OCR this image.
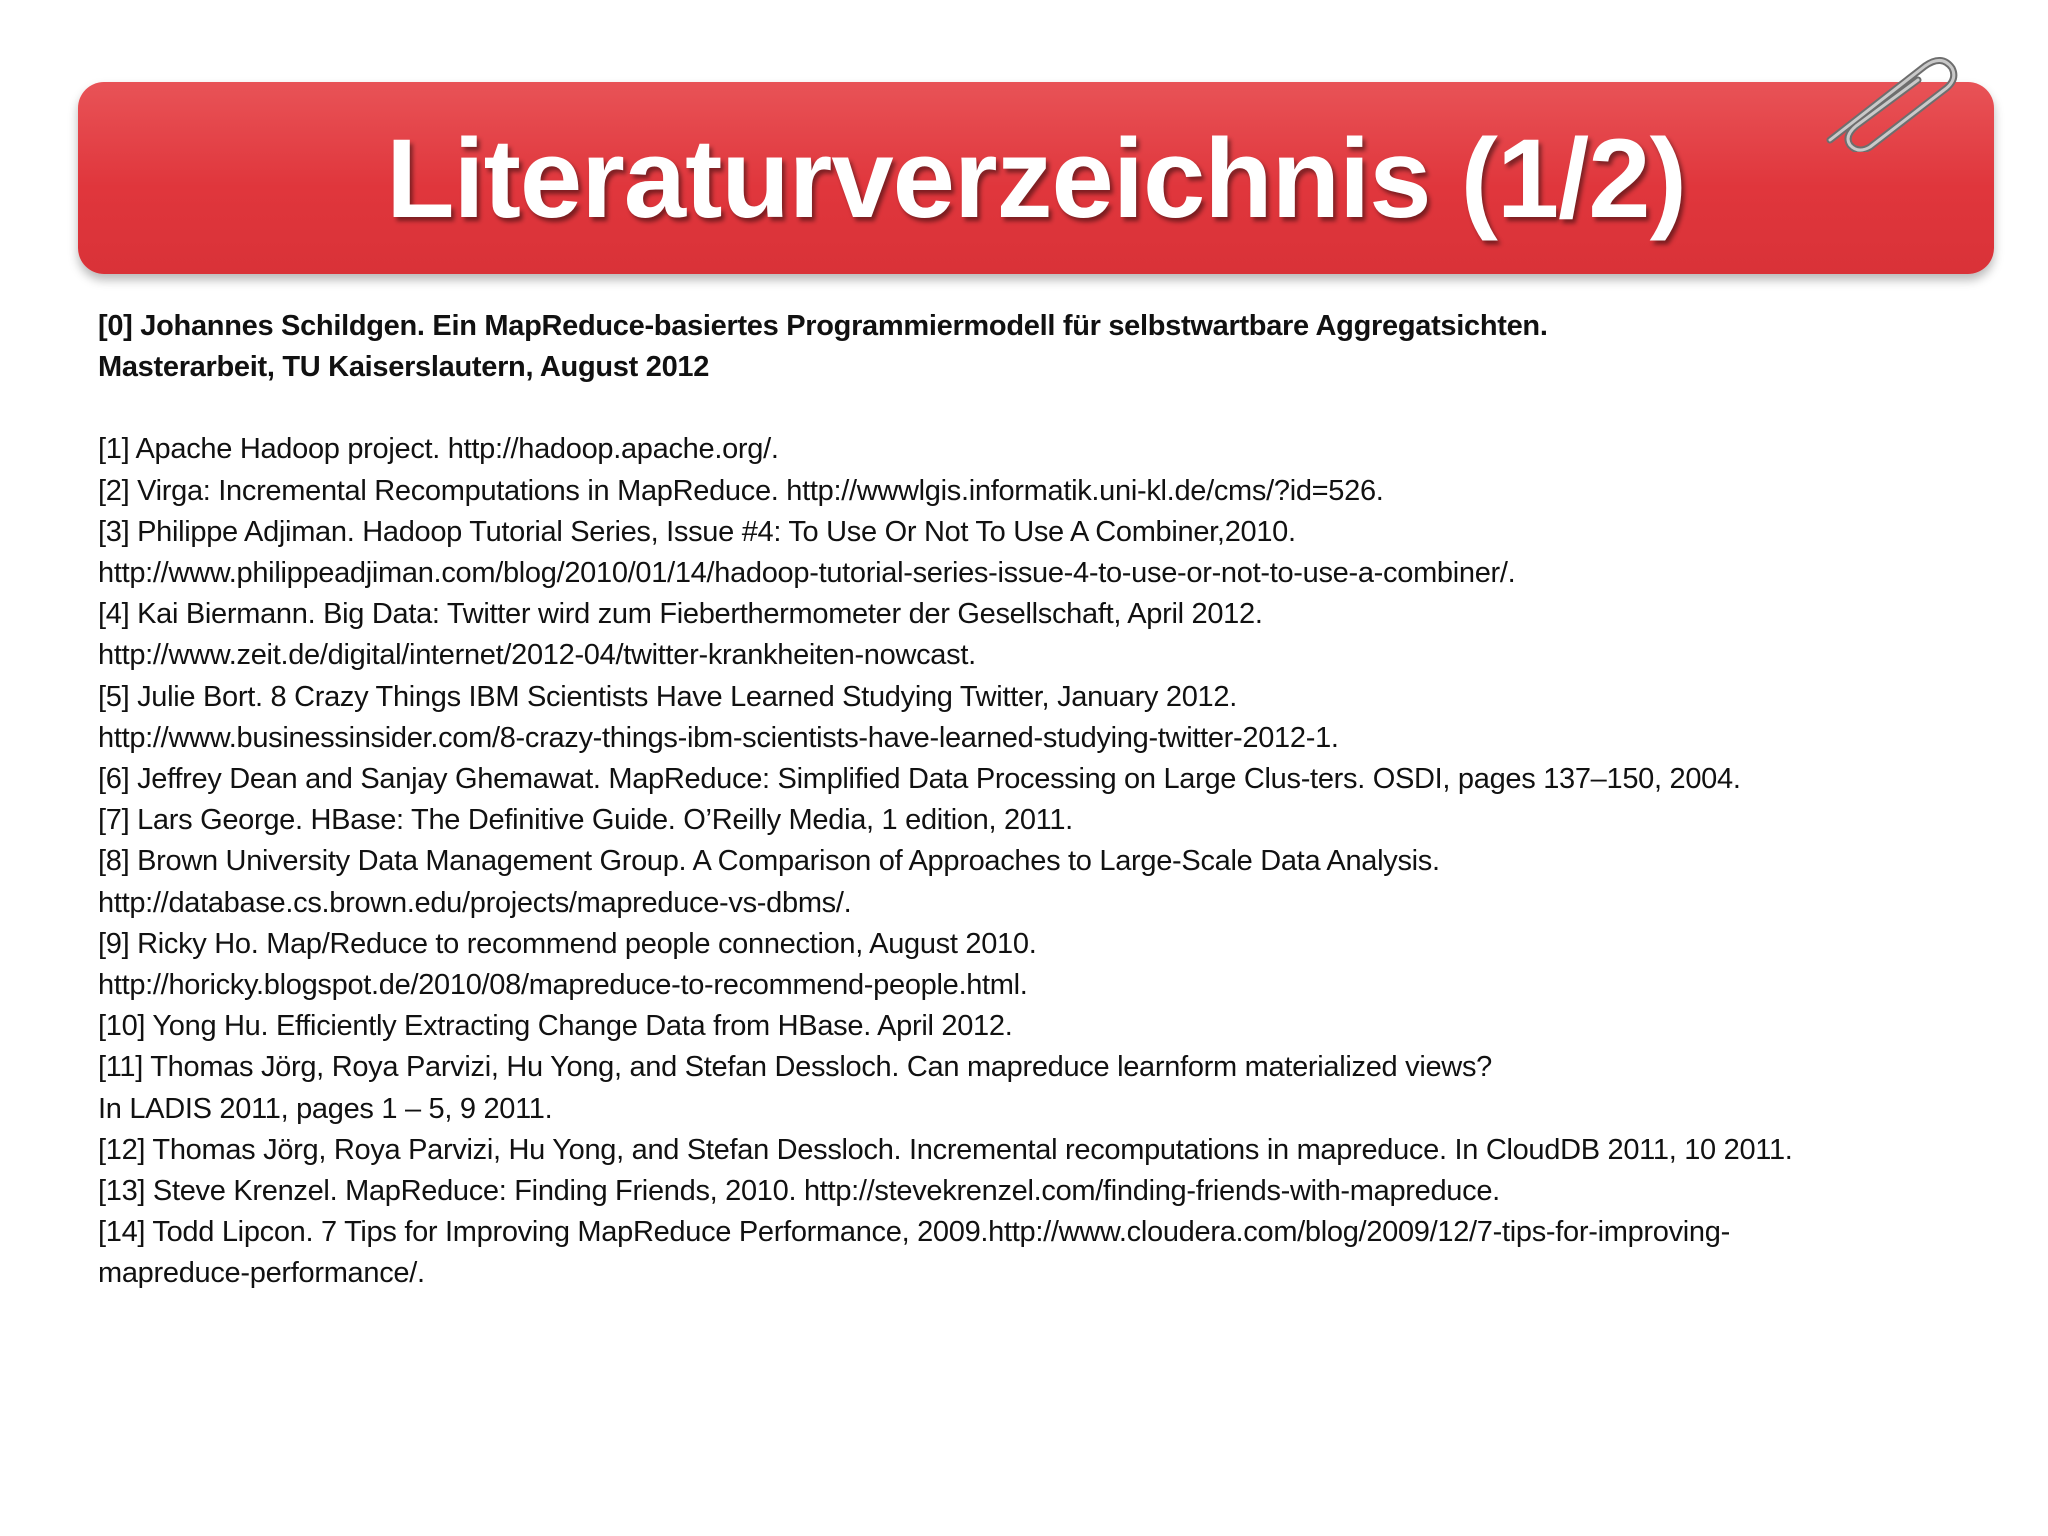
Literaturverzeichnis (1/2)
[0] Johannes Schildgen. Ein MapReduce-basiertes Programmiermodell für selbstwartbare Aggregatsichten.
Masterarbeit, TU Kaiserslautern, August 2012
[1] Apache Hadoop project. http://hadoop.apache.org/.
[2] Virga: Incremental Recomputations in MapReduce. http://wwwlgis.informatik.uni-kl.de/cms/?id=526.
[3] Philippe Adjiman. Hadoop Tutorial Series, Issue #4: To Use Or Not To Use A Combiner,2010.
http://www.philippeadjiman.com/blog/2010/01/14/hadoop-tutorial-series-issue-4-to-use-or-not-to-use-a-combiner/.
[4] Kai Biermann. Big Data: Twitter wird zum Fieberthermometer der Gesellschaft, April 2012.
http://www.zeit.de/digital/internet/2012-04/twitter-krankheiten-nowcast.
[5] Julie Bort. 8 Crazy Things IBM Scientists Have Learned Studying Twitter, January 2012.
http://www.businessinsider.com/8-crazy-things-ibm-scientists-have-learned-studying-twitter-2012-1.
[6] Jeffrey Dean and Sanjay Ghemawat. MapReduce: Simplified Data Processing on Large Clus-ters. OSDI, pages 137–150, 2004.
[7] Lars George. HBase: The Definitive Guide. O’Reilly Media, 1 edition, 2011.
[8] Brown University Data Management Group. A Comparison of Approaches to Large-Scale Data Analysis.
http://database.cs.brown.edu/projects/mapreduce-vs-dbms/.
[9] Ricky Ho. Map/Reduce to recommend people connection, August 2010.
http://horicky.blogspot.de/2010/08/mapreduce-to-recommend-people.html.
[10] Yong Hu. Efficiently Extracting Change Data from HBase. April 2012.
[11] Thomas Jörg, Roya Parvizi, Hu Yong, and Stefan Dessloch. Can mapreduce learnform materialized views?
In LADIS 2011, pages 1 – 5, 9 2011.
[12] Thomas Jörg, Roya Parvizi, Hu Yong, and Stefan Dessloch. Incremental recomputations in mapreduce. In CloudDB 2011, 10 2011.
[13] Steve Krenzel. MapReduce: Finding Friends, 2010. http://stevekrenzel.com/finding-friends-with-mapreduce.
[14] Todd Lipcon. 7 Tips for Improving MapReduce Performance, 2009.http://www.cloudera.com/blog/2009/12/7-tips-for-improving-
mapreduce-performance/.
